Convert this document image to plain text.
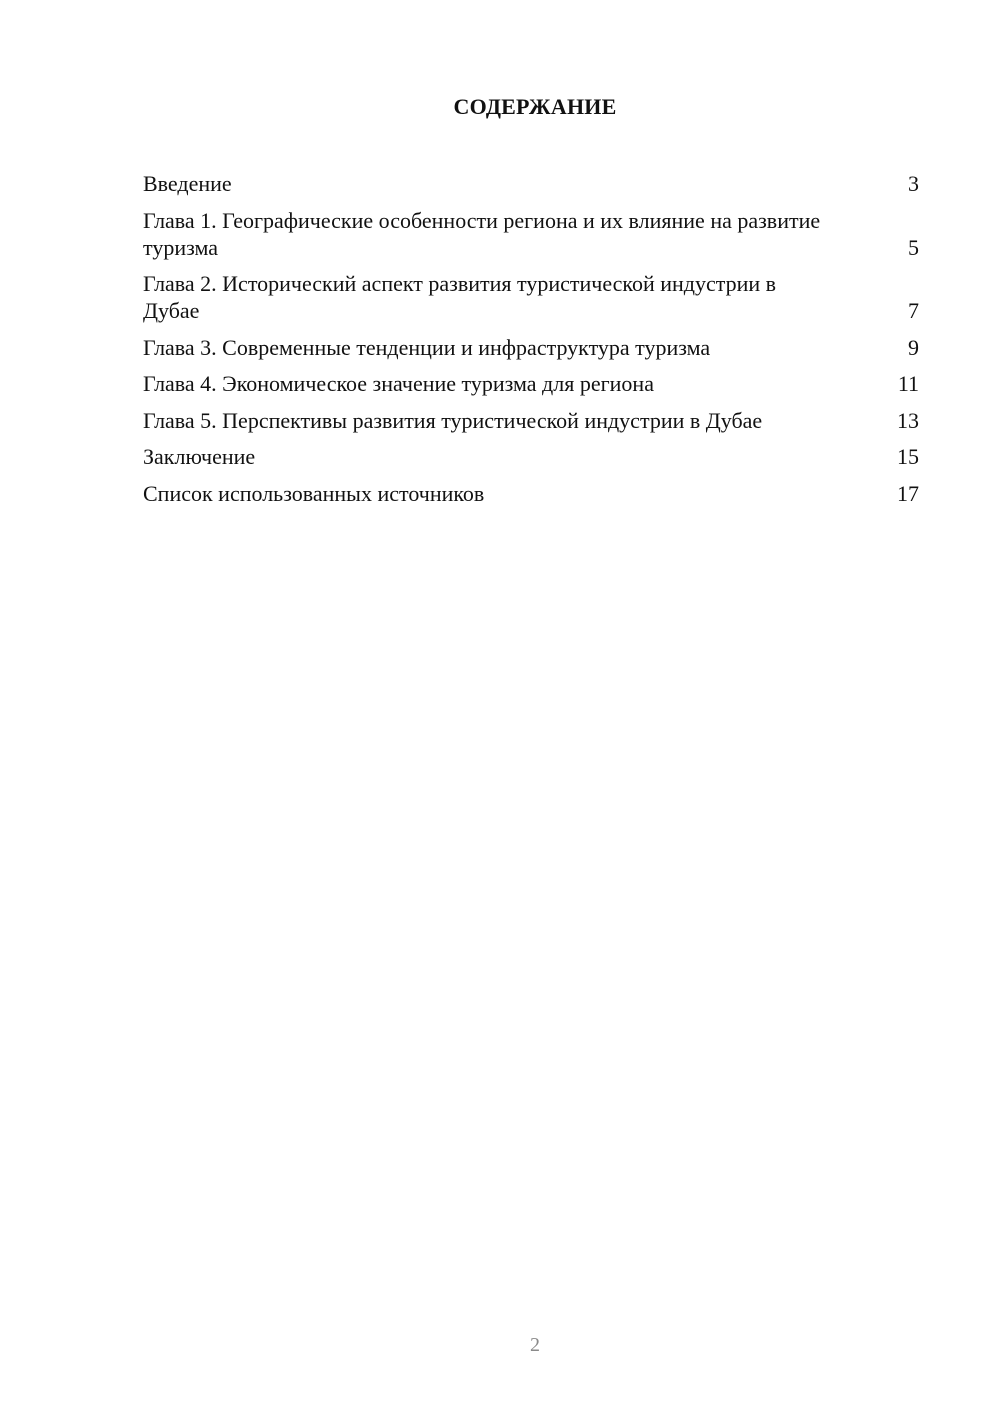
СОДЕРЖАНИЕ
Введение	3
Глава 1. Географические особенности региона и их влияние на развитие туризма	5
Глава 2. Исторический аспект развития туристической индустрии в Дубае	7
Глава 3. Современные тенденции и инфраструктура туризма	9
Глава 4. Экономическое значение туризма для региона	11
Глава 5. Перспективы развития туристической индустрии в Дубае	13
Заключение	15
Список использованных источников	17
2
